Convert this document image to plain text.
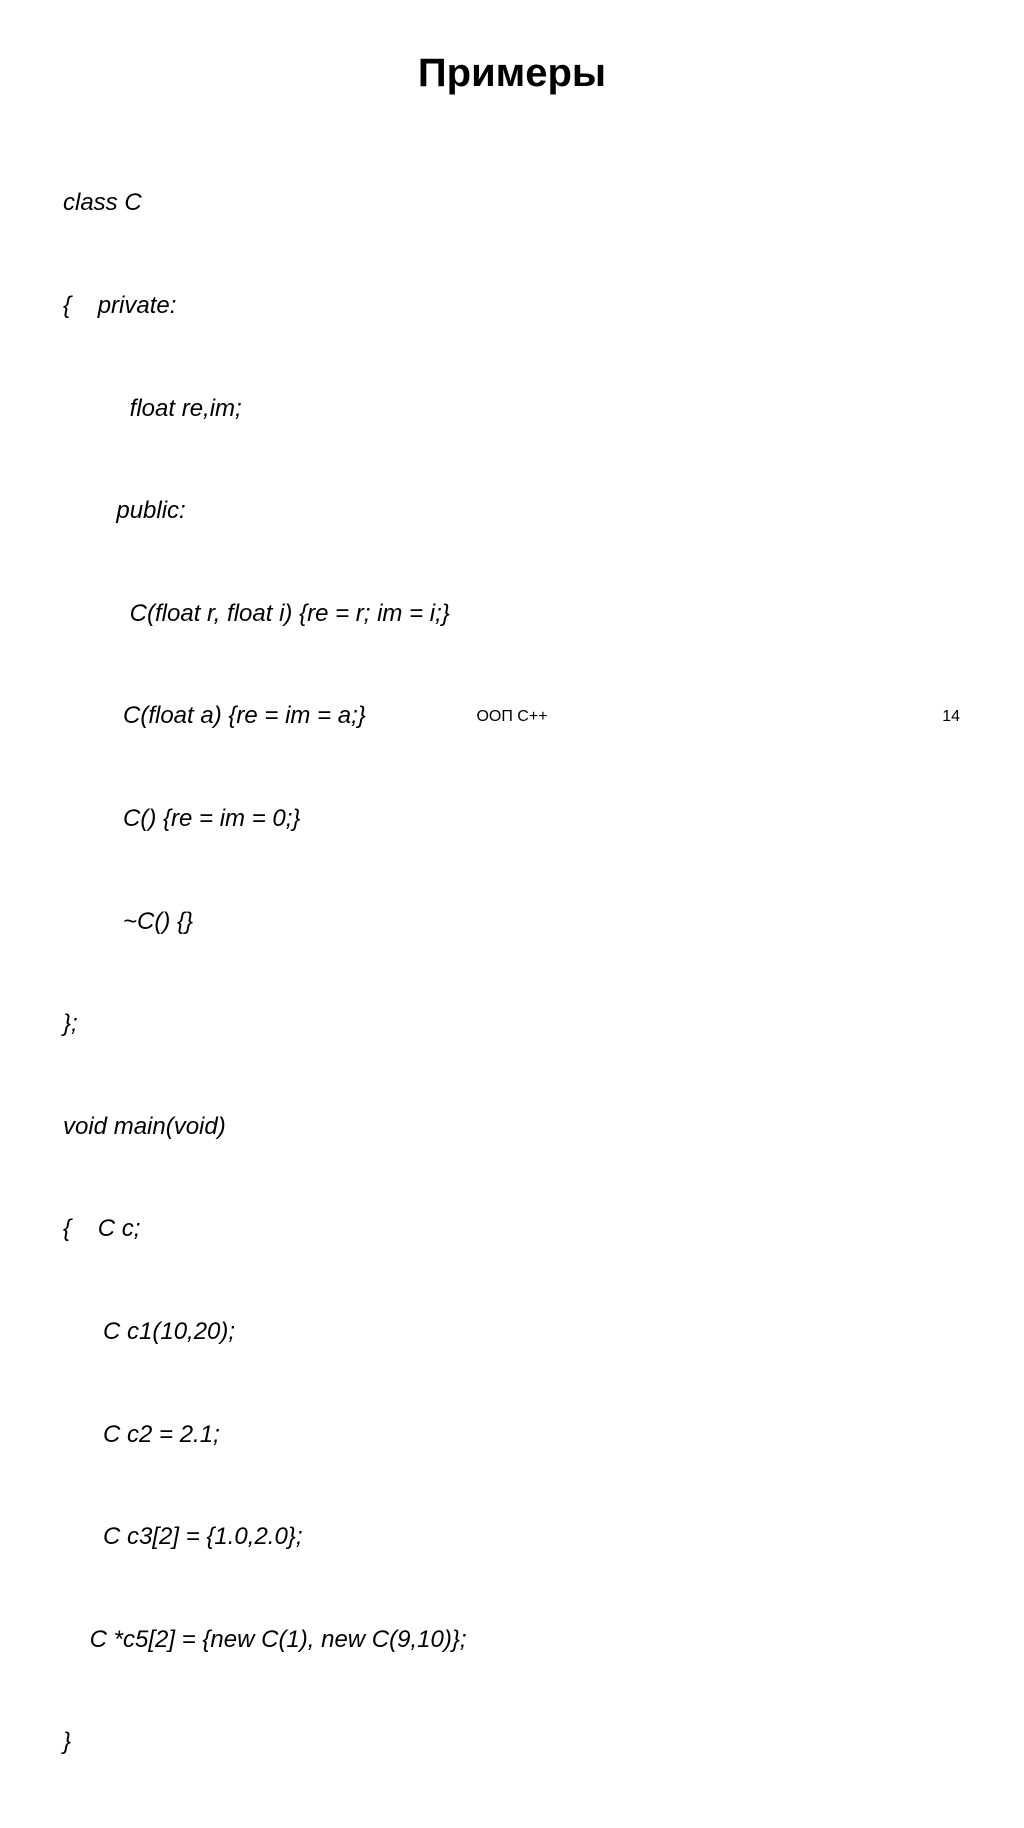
Примеры

class C

{    private:

float re,im;

public:

C(float r, float i) {re = r; im = i;}

C(float a) {re = im = a;}

C() {re = im = 0;}

~C() {}

};

void main(void)

{    C c;

C c1(10,20);

C c2 = 2.1;

C c3[2] = {1.0,2.0};

C *c5[2] = {new C(1), new C(9,10)};

}

ООП С++	14
